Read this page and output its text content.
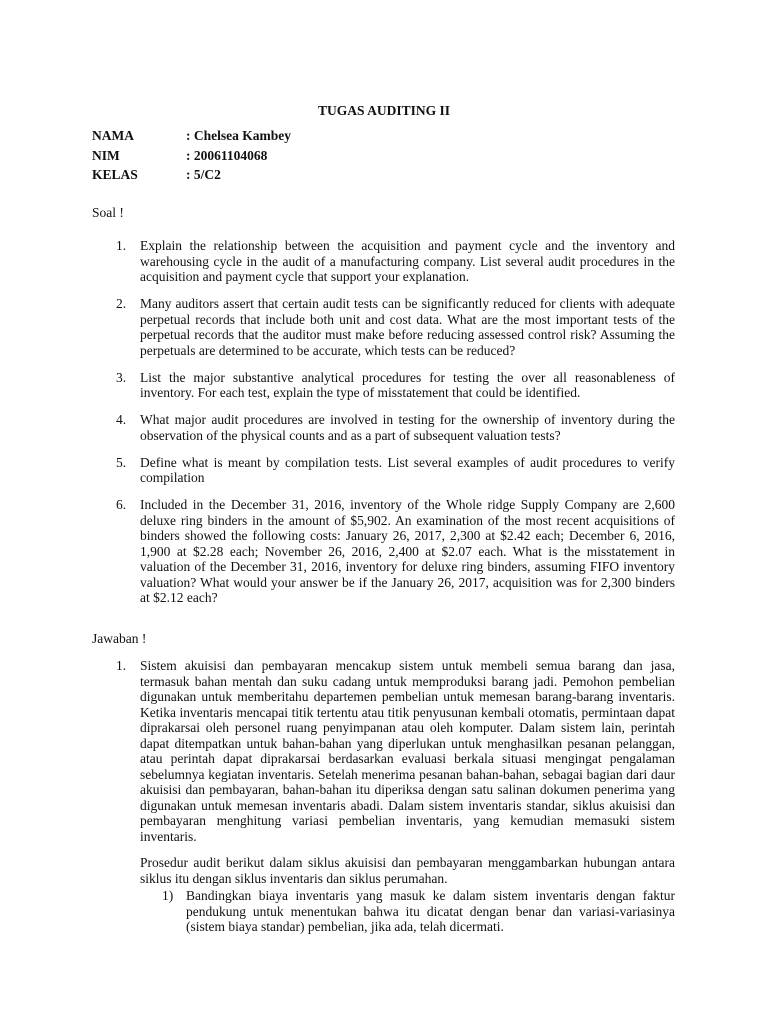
TUGAS AUDITING II
NAMA	: Chelsea Kambey
NIM	: 20061104068
KELAS	: 5/C2
Soal !
1. Explain the relationship between the acquisition and payment cycle and the inventory and warehousing cycle in the audit of a manufacturing company. List several audit procedures in the acquisition and payment cycle that support your explanation.
2. Many auditors assert that certain audit tests can be significantly reduced for clients with adequate perpetual records that include both unit and cost data. What are the most important tests of the perpetual records that the auditor must make before reducing assessed control risk? Assuming the perpetuals are determined to be accurate, which tests can be reduced?
3. List the major substantive analytical procedures for testing the over all reasonableness of inventory. For each test, explain the type of misstatement that could be identified.
4. What major audit procedures are involved in testing for the ownership of inventory during the observation of the physical counts and as a part of subsequent valuation tests?
5. Define what is meant by compilation tests. List several examples of audit procedures to verify compilation
6. Included in the December 31, 2016, inventory of the Whole ridge Supply Company are 2,600 deluxe ring binders in the amount of $5,902. An examination of the most recent acquisitions of binders showed the following costs: January 26, 2017, 2,300 at $2.42 each; December 6, 2016, 1,900 at $2.28 each; November 26, 2016, 2,400 at $2.07 each. What is the misstatement in valuation of the December 31, 2016, inventory for deluxe ring binders, assuming FIFO inventory valuation? What would your answer be if the January 26, 2017, acquisition was for 2,300 binders at $2.12 each?
Jawaban !
1. Sistem akuisisi dan pembayaran mencakup sistem untuk membeli semua barang dan jasa, termasuk bahan mentah dan suku cadang untuk memproduksi barang jadi. Pemohon pembelian digunakan untuk memberitahu departemen pembelian untuk memesan barang-barang inventaris. Ketika inventaris mencapai titik tertentu atau titik penyusunan kembali otomatis, permintaan dapat diprakarsai oleh personel ruang penyimpanan atau oleh komputer. Dalam sistem lain, perintah dapat ditempatkan untuk bahan-bahan yang diperlukan untuk menghasilkan pesanan pelanggan, atau perintah dapat diprakarsai berdasarkan evaluasi berkala situasi mengingat pengalaman sebelumnya kegiatan inventaris. Setelah menerima pesanan bahan-bahan, sebagai bagian dari daur akuisisi dan pembayaran, bahan-bahan itu diperiksa dengan satu salinan dokumen penerima yang digunakan untuk memesan inventaris abadi. Dalam sistem inventaris standar, siklus akuisisi dan pembayaran menghitung variasi pembelian inventaris, yang kemudian memasuki sistem inventaris.
Prosedur audit berikut dalam siklus akuisisi dan pembayaran menggambarkan hubungan antara siklus itu dengan siklus inventaris dan siklus perumahan.
1) Bandingkan biaya inventaris yang masuk ke dalam sistem inventaris dengan faktur pendukung untuk menentukan bahwa itu dicatat dengan benar dan variasi-variasinya (sistem biaya standar) pembelian, jika ada, telah dicermati.
